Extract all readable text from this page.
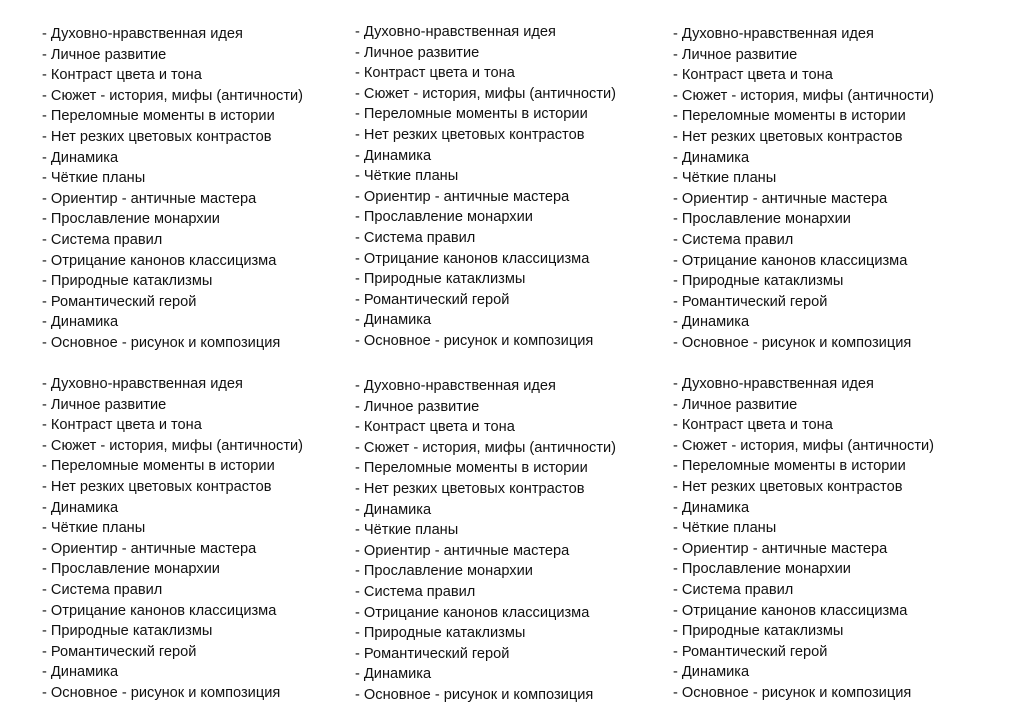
- Духовно-нравственная идея
- Личное развитие
- Контраст цвета и тона
- Сюжет - история, мифы (античности)
- Переломные моменты в истории
- Нет резких цветовых контрастов
- Динамика
- Чёткие планы
- Ориентир - античные мастера
- Прославление монархии
- Система правил
- Отрицание канонов классицизма
- Природные катаклизмы
- Романтический герой
- Динамика
- Основное - рисунок и композиция
- Духовно-нравственная идея
- Личное развитие
- Контраст цвета и тона
- Сюжет - история, мифы (античности)
- Переломные моменты в истории
- Нет резких цветовых контрастов
- Динамика
- Чёткие планы
- Ориентир - античные мастера
- Прославление монархии
- Система правил
- Отрицание канонов классицизма
- Природные катаклизмы
- Романтический герой
- Динамика
- Основное - рисунок и композиция
- Духовно-нравственная идея
- Личное развитие
- Контраст цвета и тона
- Сюжет - история, мифы (античности)
- Переломные моменты в истории
- Нет резких цветовых контрастов
- Динамика
- Чёткие планы
- Ориентир - античные мастера
- Прославление монархии
- Система правил
- Отрицание канонов классицизма
- Природные катаклизмы
- Романтический герой
- Динамика
- Основное - рисунок и композиция
- Духовно-нравственная идея
- Личное развитие
- Контраст цвета и тона
- Сюжет - история, мифы (античности)
- Переломные моменты в истории
- Нет резких цветовых контрастов
- Динамика
- Чёткие планы
- Ориентир - античные мастера
- Прославление монархии
- Система правил
- Отрицание канонов классицизма
- Природные катаклизмы
- Романтический герой
- Динамика
- Основное - рисунок и композиция
- Духовно-нравственная идея
- Личное развитие
- Контраст цвета и тона
- Сюжет - история, мифы (античности)
- Переломные моменты в истории
- Нет резких цветовых контрастов
- Динамика
- Чёткие планы
- Ориентир - античные мастера
- Прославление монархии
- Система правил
- Отрицание канонов классицизма
- Природные катаклизмы
- Романтический герой
- Динамика
- Основное - рисунок и композиция
- Духовно-нравственная идея
- Личное развитие
- Контраст цвета и тона
- Сюжет - история, мифы (античности)
- Переломные моменты в истории
- Нет резких цветовых контрастов
- Динамика
- Чёткие планы
- Ориентир - античные мастера
- Прославление монархии
- Система правил
- Отрицание канонов классицизма
- Природные катаклизмы
- Романтический герой
- Динамика
- Основное - рисунок и композиция
